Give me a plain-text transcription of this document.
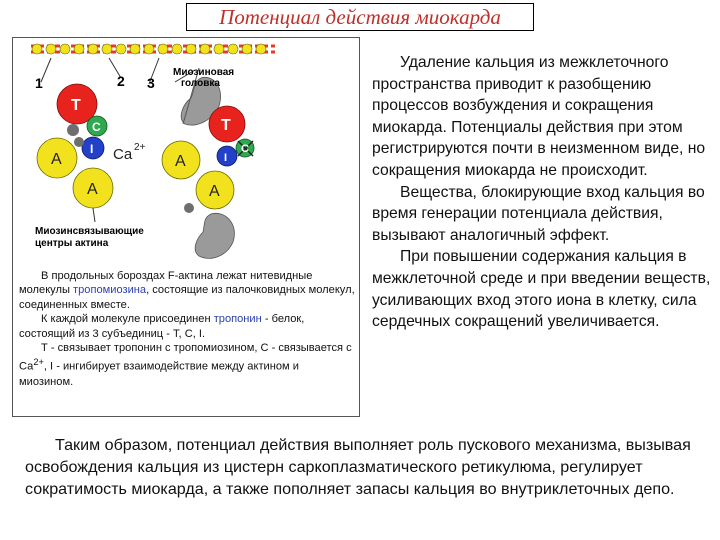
Потенциал действия миокарда
T
C
I
A
A
Ca 2+
T
C
I
A
A
1	2 3
Миозиновая
головка
Миозинсвязывающие
центры актина

В продольных бороздах F-актина лежат нитевидные молекулы тропомиозина, состоящие из палочковидных молекул, соединенных вместе.

К каждой молекуле присоединен тропонин - белок, состоящий из 3 субъединиц - Т, С, I.

Т - связывает тропонин с тропомиозином, С - связывается с $Са^{2+}$, I - ингибирует взаимодействие между актином и миозином.

Удаление кальция из межклеточного пространства приводит к разобщению процессов возбуждения и сокращения миокарда. Потенциалы действия при этом регистрируются почти в неизменном виде, но сокращения миокарда не происходит.

Вещества, блокирующие вход кальция во время генерации потенциала действия, вызывают аналогичный эффект.

При повышении содержания кальция в межклеточной среде и при введении веществ, усиливающих вход этого иона в клетку, сила сердечных сокращений увеличивается.

Таким образом, потенциал действия выполняет роль пускового механизма, вызывая освобождения кальция из цистерн саркоплазматического ретикулюма, регулирует сократимость миокарда, а также пополняет запасы кальция во внутриклеточных депо.
